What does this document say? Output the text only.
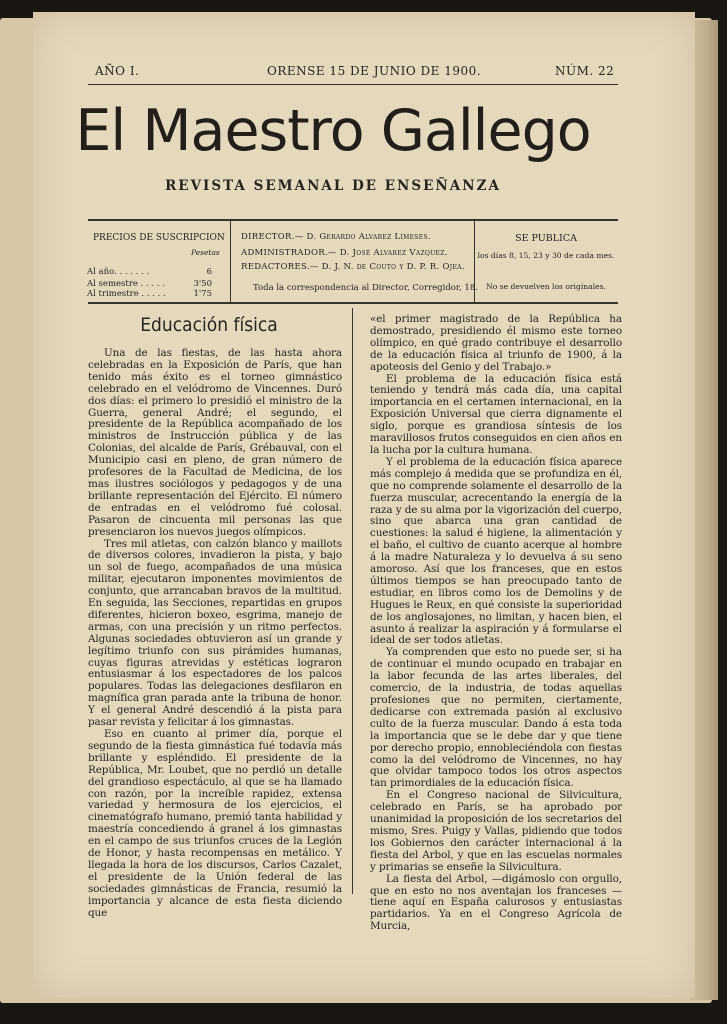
AÑO I.	ORENSE 15 DE JUNIO DE 1900.	NÚM. 22
El Maestro Gallego
REVISTA SEMANAL DE ENSEÑANZA
PRECIOS DE SUSCRIPCION
Pesetas
Al año. . . . . . .	6
Al semestre . . . . .	3'50
Al trimestre . . . . .	1'75
DIRECTOR.— D. Gerardo Alvarez Limeses.
ADMINISTRADOR.— D. José Alvarez Vazquez.
REDACTORES.— D. J. N. de Couto y D. P. R. Ojea.
Toda la correspondencia al Director, Corregidor, 18.
SE PUBLICA
los días 8, 15, 23 y 30 de cada mes.
No se devuelven los originales.
Educación física

Una de las fiestas, de las hasta ahora celebradas en la Exposición de París, que han tenido más éxito es el torneo gimnástico celebrado en el velódromo de Vincennes. Duró dos días: el primero lo presidió el ministro de la Guerra, general André; el segundo, el presidente de la República acompañado de los ministros de Instrucción pública y de las Colonias, del alcalde de París, Grébauval, con el Municipio casi en pleno, de gran número de profesores de la Facultad de Medicina, de los mas ilustres sociólogos y pedagogos y de una brillante representación del Ejército. El número de entradas en el velódromo fué colosal. Pasaron de cincuenta mil personas las que presenciaron los nuevos juegos olímpicos.

Tres mil atletas, con calzón blanco y maillots de diversos colores, invadieron la pista, y bajo un sol de fuego, acompañados de una música militar, ejecutaron imponentes movimientos de conjunto, que arrancaban bravos de la multitud. En seguida, las Secciones, repartidas en grupos diferentes, hicieron boxeo, esgrima, manejo de armas, con una precisión y un ritmo perfectos. Algunas sociedades obtuvieron así un grande y legítimo triunfo con sus pirámides humanas, cuyas figuras atrevidas y estéticas lograron entusiasmar á los espectadores de los palcos populares. Todas las delegaciones desfilaron en magnífica gran parada ante la tribuna de honor. Y el general André descendió á la pista para pasar revista y felicitar á los gimnastas.

Eso en cuanto al primer día, porque el segundo de la fiesta gimnástica fué todavía más brillante y espléndido. El presidente de la República, Mr. Loubet, que no perdió un detalle del grandioso espectáculo, al que se ha llamado con razón, por la increíble rapidez, extensa variedad y hermosura de los ejercicios, el cinematógrafo humano, premió tanta habilidad y maestría concediendo á granel á los gimnastas en el campo de sus triunfos cruces de la Legión de Honor, y hasta recompensas en metálico. Y llegada la hora de los discursos, Carlos Cazalet, el presidente de la Unión federal de las sociedades gimnásticas de Francia, resumió la importancia y alcance de esta fiesta diciendo que

«el primer magistrado de la República ha demostrado, presidiendo él mismo este torneo olímpico, en qué grado contribuye el desarrollo de la educación física al triunfo de 1900, á la apoteosis del Genio y del Trabajo.»

El problema de la educación física está teniendo y tendrá más cada día, una capital importancia en el certamen internacional, en la Exposición Universal que cierra dignamente el siglo, porque es grandiosa síntesis de los maravillosos frutos conseguidos en cien años en la lucha por la cultura humana.

Y el problema de la educación física aparece más complejo á medida que se profundiza en él, que no comprende solamente el desarrollo de la fuerza muscular, acrecentando la energía de la raza y de su alma por la vigorización del cuerpo, sino que abarca una gran cantidad de cuestiones: la salud é higiene, la alimentación y el baño, el cultivo de cuanto acerque al hombre á la madre Naturaleza y lo devuelva á su seno amoroso. Así que los franceses, que en estos últimos tiempos se han preocupado tanto de estudiar, en libros como los de Demolins y de Hugues le Reux, en qué consiste la superioridad de los anglosajones, no limitan, y hacen bien, el asunto á realizar la aspiración y á formularse el ideal de ser todos atletas.

Ya comprenden que esto no puede ser, si ha de continuar el mundo ocupado en trabajar en la labor fecunda de las artes liberales, del comercio, de la industria, de todas aquellas profesiones que no permiten, ciertamente, dedicarse con extremada pasión al exclusivo culto de la fuerza muscular. Dando á esta toda la importancia que se le debe dar y que tiene por derecho propio, ennobleciéndola con fiestas como la del velódromo de Vincennes, no hay que olvidar tampoco todos los otros aspectos tan primordiales de la educación física.

En el Congreso nacional de Silvicultura, celebrado en París, se ha aprobado por unanimidad la proposición de los secretarios del mismo, Sres. Puigy y Vallas, pidiendo que todos los Gobiernos den carácter internacional á la fiesta del Arbol, y que en las escuelas normales y primarias se enseñe la Silvicultura.

La fiesta del Arbol, —digámoslo con orgullo, que en esto no nos aventajan los franceses —tiene aquí en España calurosos y entusiastas partidarios. Ya en el Congreso Agrícola de Murcia,
